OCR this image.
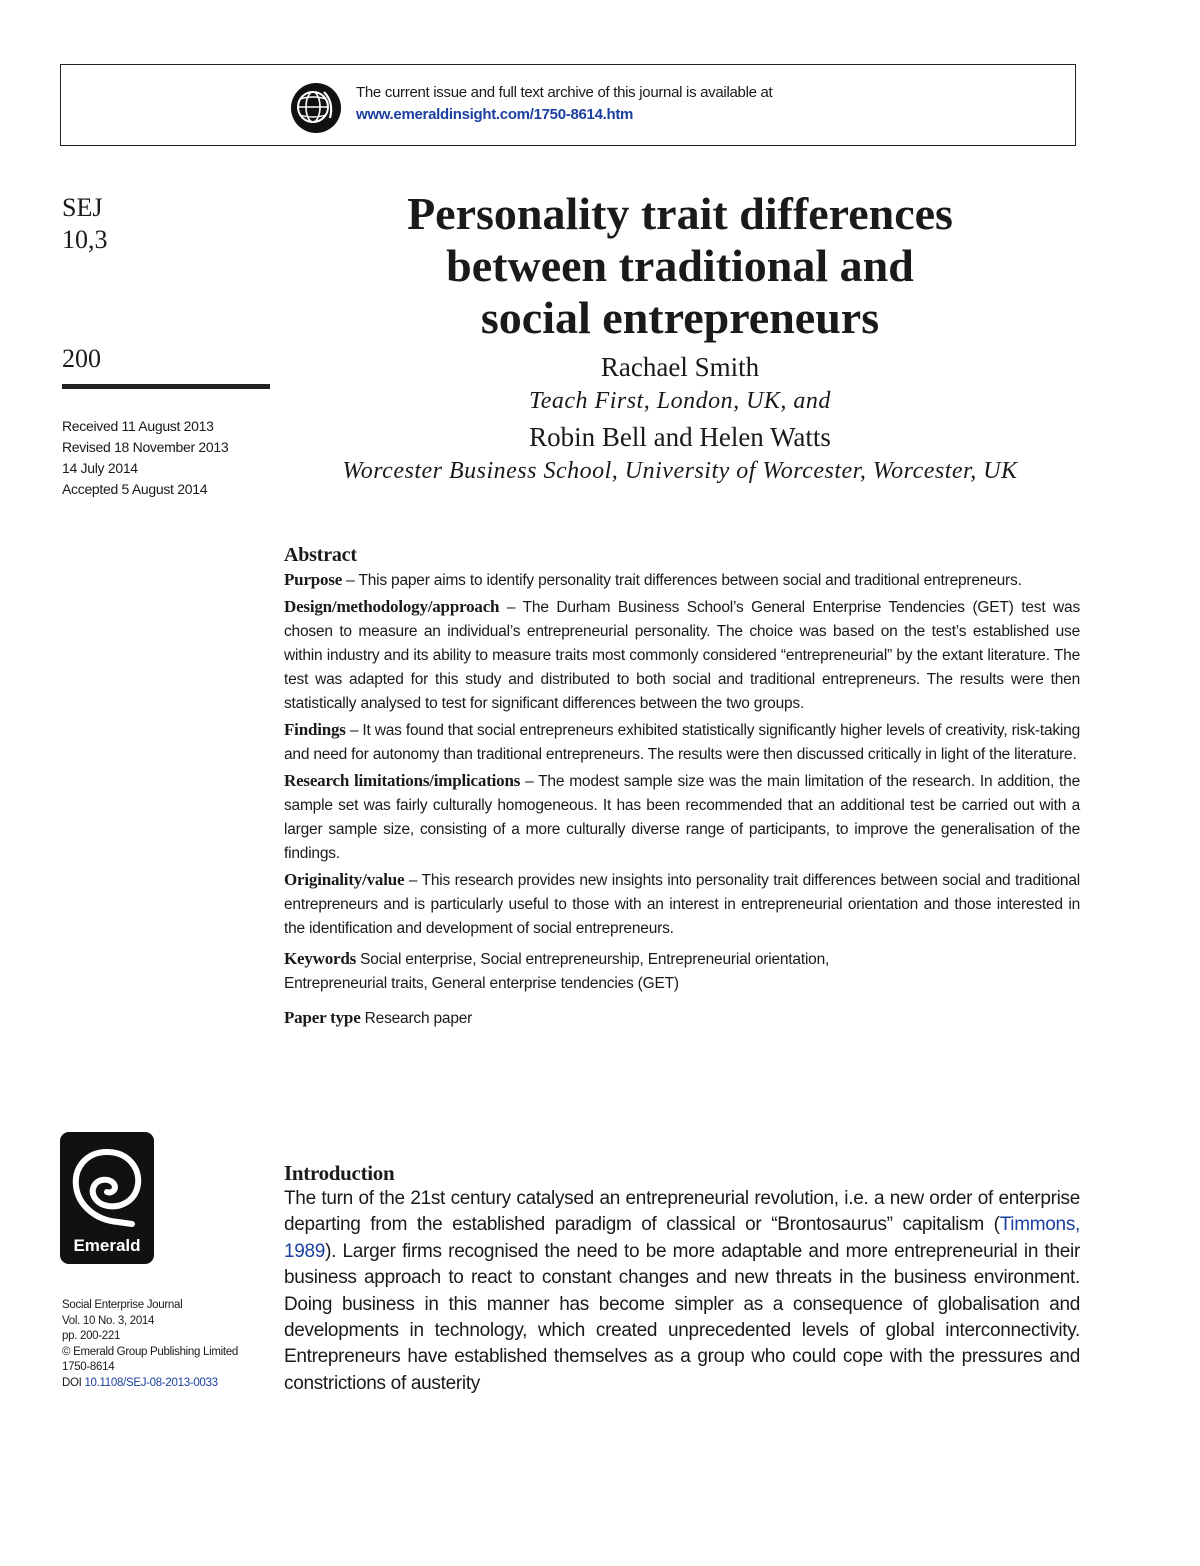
The current issue and full text archive of this journal is available at
www.emeraldinsight.com/1750-8614.htm
SEJ
10,3
200
Received 11 August 2013
Revised 18 November 2013
14 July 2014
Accepted 5 August 2014
Personality trait differences
between traditional and
social entrepreneurs
Rachael Smith
Teach First, London, UK, and
Robin Bell and Helen Watts
Worcester Business School, University of Worcester, Worcester, UK
Abstract

Purpose – This paper aims to identify personality trait differences between social and traditional entrepreneurs.

Design/methodology/approach – The Durham Business School’s General Enterprise Tendencies (GET) test was chosen to measure an individual’s entrepreneurial personality. The choice was based on the test’s established use within industry and its ability to measure traits most commonly considered “entrepreneurial” by the extant literature. The test was adapted for this study and distributed to both social and traditional entrepreneurs. The results were then statistically analysed to test for significant differences between the two groups.

Findings – It was found that social entrepreneurs exhibited statistically significantly higher levels of creativity, risk-taking and need for autonomy than traditional entrepreneurs. The results were then discussed critically in light of the literature.

Research limitations/implications – The modest sample size was the main limitation of the research. In addition, the sample set was fairly culturally homogeneous. It has been recommended that an additional test be carried out with a larger sample size, consisting of a more culturally diverse range of participants, to improve the generalisation of the findings.

Originality/value – This research provides new insights into personality trait differences between social and traditional entrepreneurs and is particularly useful to those with an interest in entrepreneurial orientation and those interested in the identification and development of social entrepreneurs.

Keywords Social enterprise, Social entrepreneurship, Entrepreneurial orientation,
Entrepreneurial traits, General enterprise tendencies (GET)

Paper type Research paper

Emerald
Social Enterprise Journal
Vol. 10 No. 3, 2014
pp. 200-221
© Emerald Group Publishing Limited
1750-8614
DOI 10.1108/SEJ-08-2013-0033
Introduction

The turn of the 21st century catalysed an entrepreneurial revolution, i.e. a new order of enterprise departing from the established paradigm of classical or “Brontosaurus” capitalism (Timmons, 1989). Larger firms recognised the need to be more adaptable and more entrepreneurial in their business approach to react to constant changes and new threats in the business environment. Doing business in this manner has become simpler as a consequence of globalisation and developments in technology, which created unprecedented levels of global interconnectivity. Entrepreneurs have established themselves as a group who could cope with the pressures and constrictions of austerity
